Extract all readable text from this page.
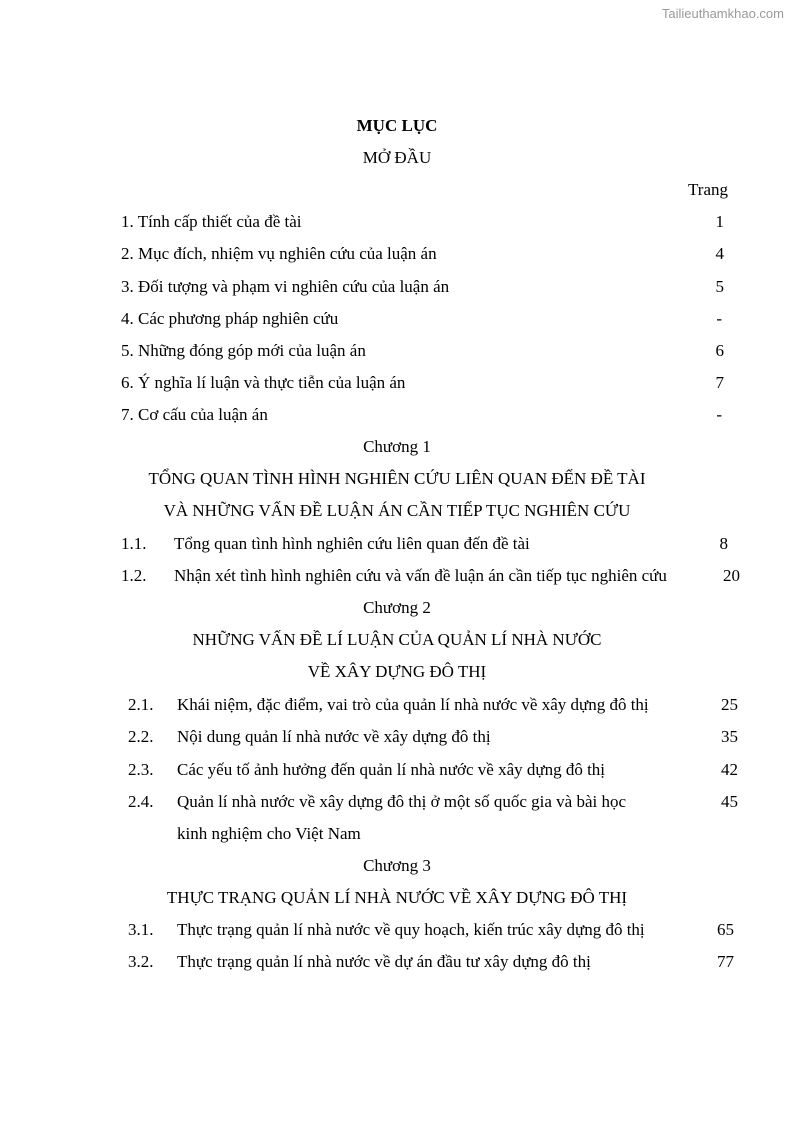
Tailieuthamkhao.com
MỤC LỤC
MỞ ĐẦU
Trang
1. Tính cấp thiết của đề tài	1
2. Mục đích, nhiệm vụ nghiên cứu của luận án	4
3. Đối tượng và phạm vi nghiên cứu của luận án	5
4. Các phương pháp nghiên cứu	-
5. Những đóng góp mới của luận án	6
6. Ý nghĩa lí luận và thực tiễn của luận án	7
7. Cơ cấu của luận án	-
Chương 1
TỔNG QUAN TÌNH HÌNH NGHIÊN CỨU LIÊN QUAN ĐẾN ĐỀ TÀI
VÀ NHỮNG VẤN ĐỀ LUẬN ÁN CẦN TIẾP TỤC NGHIÊN CỨU
1.1. Tổng quan tình hình nghiên cứu liên quan đến đề tài	8
1.2. Nhận xét tình hình nghiên cứu và vấn đề luận án cần tiếp tục nghiên cứu	20
Chương 2
NHỮNG VẤN ĐỀ LÍ LUẬN CỦA QUẢN LÍ NHÀ NƯỚC
VỀ XÂY DỰNG ĐÔ THỊ
2.1. Khái niệm, đặc điểm, vai trò của quản lí nhà nước về xây dựng đô thị	25
2.2. Nội dung quản lí nhà nước về xây dựng đô thị	35
2.3. Các yếu tố ảnh hưởng đến quản lí nhà nước về xây dựng đô thị	42
2.4. Quản lí nhà nước về xây dựng đô thị ở một số quốc gia và bài học	45
kinh nghiệm cho Việt Nam
Chương 3
THỰC TRẠNG QUẢN LÍ NHÀ NƯỚC VỀ XÂY DỰNG ĐÔ THỊ
3.1. Thực trạng quản lí nhà nước về quy hoạch, kiến trúc xây dựng đô thị	65
3.2. Thực trạng quản lí nhà nước về dự án đầu tư xây dựng đô thị	77
